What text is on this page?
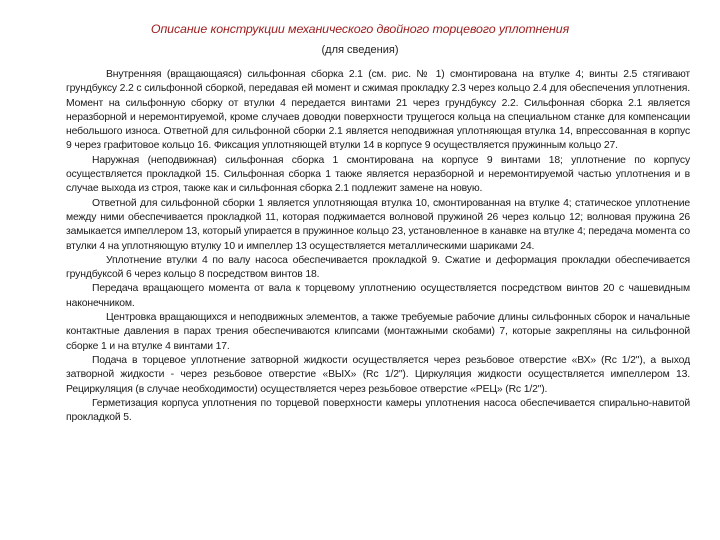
Описание конструкции механического двойного торцевого уплотнения
(для сведения)

Внутренняя (вращающаяся) сильфонная сборка 2.1 (см. рис. № 1) смонтирована на втулке 4; винты 2.5 стягивают грундбуксу 2.2 с сильфонной сборкой, передавая ей момент и сжимая прокладку 2.3 через кольцо 2.4 для обеспечения уплотнения. Момент на сильфонную сборку от втулки 4 передается винтами 21 через грундбуксу 2.2. Сильфонная сборка 2.1 является неразборной и неремонтируемой, кроме случаев доводки поверхности трущегося кольца на специальном станке для компенсации небольшого износа. Ответной для сильфонной сборки 2.1 является неподвижная уплотняющая втулка 14, впрессованная в корпус 9 через графитовое кольцо 16. Фиксация уплотняющей втулки 14 в корпусе 9 осуществляется пружинным кольцо 27.

Наружная (неподвижная) сильфонная сборка 1 смонтирована на корпусе 9 винтами 18; уплотнение по корпусу осуществляется прокладкой 15. Сильфонная сборка 1 также является неразборной и неремонтируемой частью уплотнения и в случае выхода из строя, также как и сильфонная сборка 2.1 подлежит замене на новую.

Ответной для сильфонной сборки 1 является уплотняющая втулка 10, смонтированная на втулке 4; статическое уплотнение между ними обеспечивается прокладкой 11, которая поджимается волновой пружиной 26 через кольцо 12; волновая пружина 26 замыкается импеллером 13, который упирается в пружинное кольцо 23, установленное в канавке на втулке 4; передача момента со втулки 4 на уплотняющую втулку 10 и импеллер 13 осуществляется металлическими шариками 24.

Уплотнение втулки 4 по валу насоса обеспечивается прокладкой 9. Сжатие и деформация прокладки обеспечивается грундбуксой 6 через кольцо 8 посредством винтов 18.

Передача вращающего момента от вала к торцевому уплотнению осуществляется посредством винтов 20 с чашевидным наконечником.

Центровка вращающихся и неподвижных элементов, а также требуемые рабочие длины сильфонных сборок и начальные контактные давления в парах трения обеспечиваются клипсами (монтажными скобами) 7, которые закрепляны на сильфонной сборке 1 и на втулке 4 винтами 17.

Подача в торцевое уплотнение затворной жидкости осуществляется через резьбовое отверстие «ВХ» (Rc 1/2"), а выход затворной жидкости - через резьбовое отверстие «ВЫХ» (Rc 1/2"). Циркуляция жидкости осуществляется импеллером 13. Рециркуляция (в случае необходимости) осуществляется через резьбовое отверстие «РЕЦ» (Rc 1/2").

Герметизация корпуса уплотнения по торцевой поверхности камеры уплотнения насоса обеспечивается спирально-навитой прокладкой 5.
